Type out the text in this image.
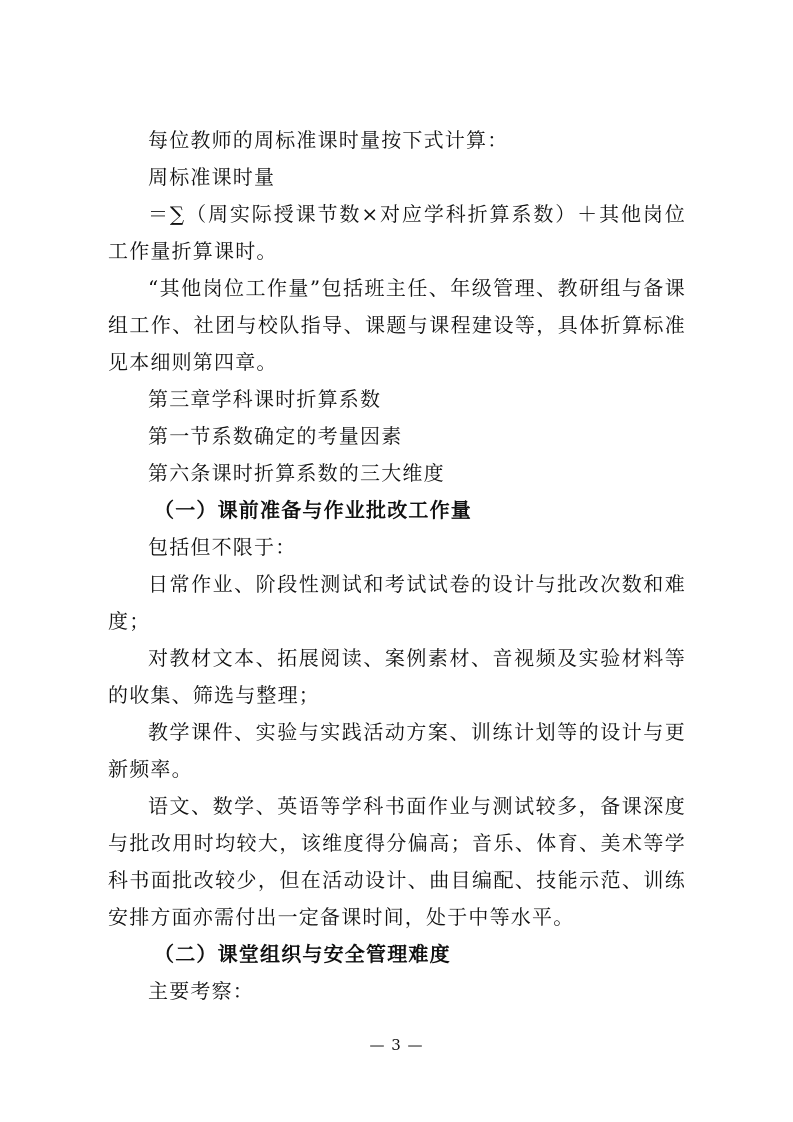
每位教师的周标准课时量按下式计算：
周标准课时量
＝∑（周实际授课节数×对应学科折算系数）＋其他岗位
工作量折算课时。
“其他岗位工作量”包括班主任、年级管理、教研组与备课
组工作、社团与校队指导、课题与课程建设等，具体折算标准
见本细则第四章。
第三章学科课时折算系数
第一节系数确定的考量因素
第六条课时折算系数的三大维度
（一）课前准备与作业批改工作量
包括但不限于：
日常作业、阶段性测试和考试试卷的设计与批改次数和难
度；
对教材文本、拓展阅读、案例素材、音视频及实验材料等
的收集、筛选与整理；
教学课件、实验与实践活动方案、训练计划等的设计与更
新频率。
语文、数学、英语等学科书面作业与测试较多，备课深度
与批改用时均较大，该维度得分偏高；音乐、体育、美术等学
科书面批改较少，但在活动设计、曲目编配、技能示范、训练
安排方面亦需付出一定备课时间，处于中等水平。
（二）课堂组织与安全管理难度
主要考察：
— 3 —
